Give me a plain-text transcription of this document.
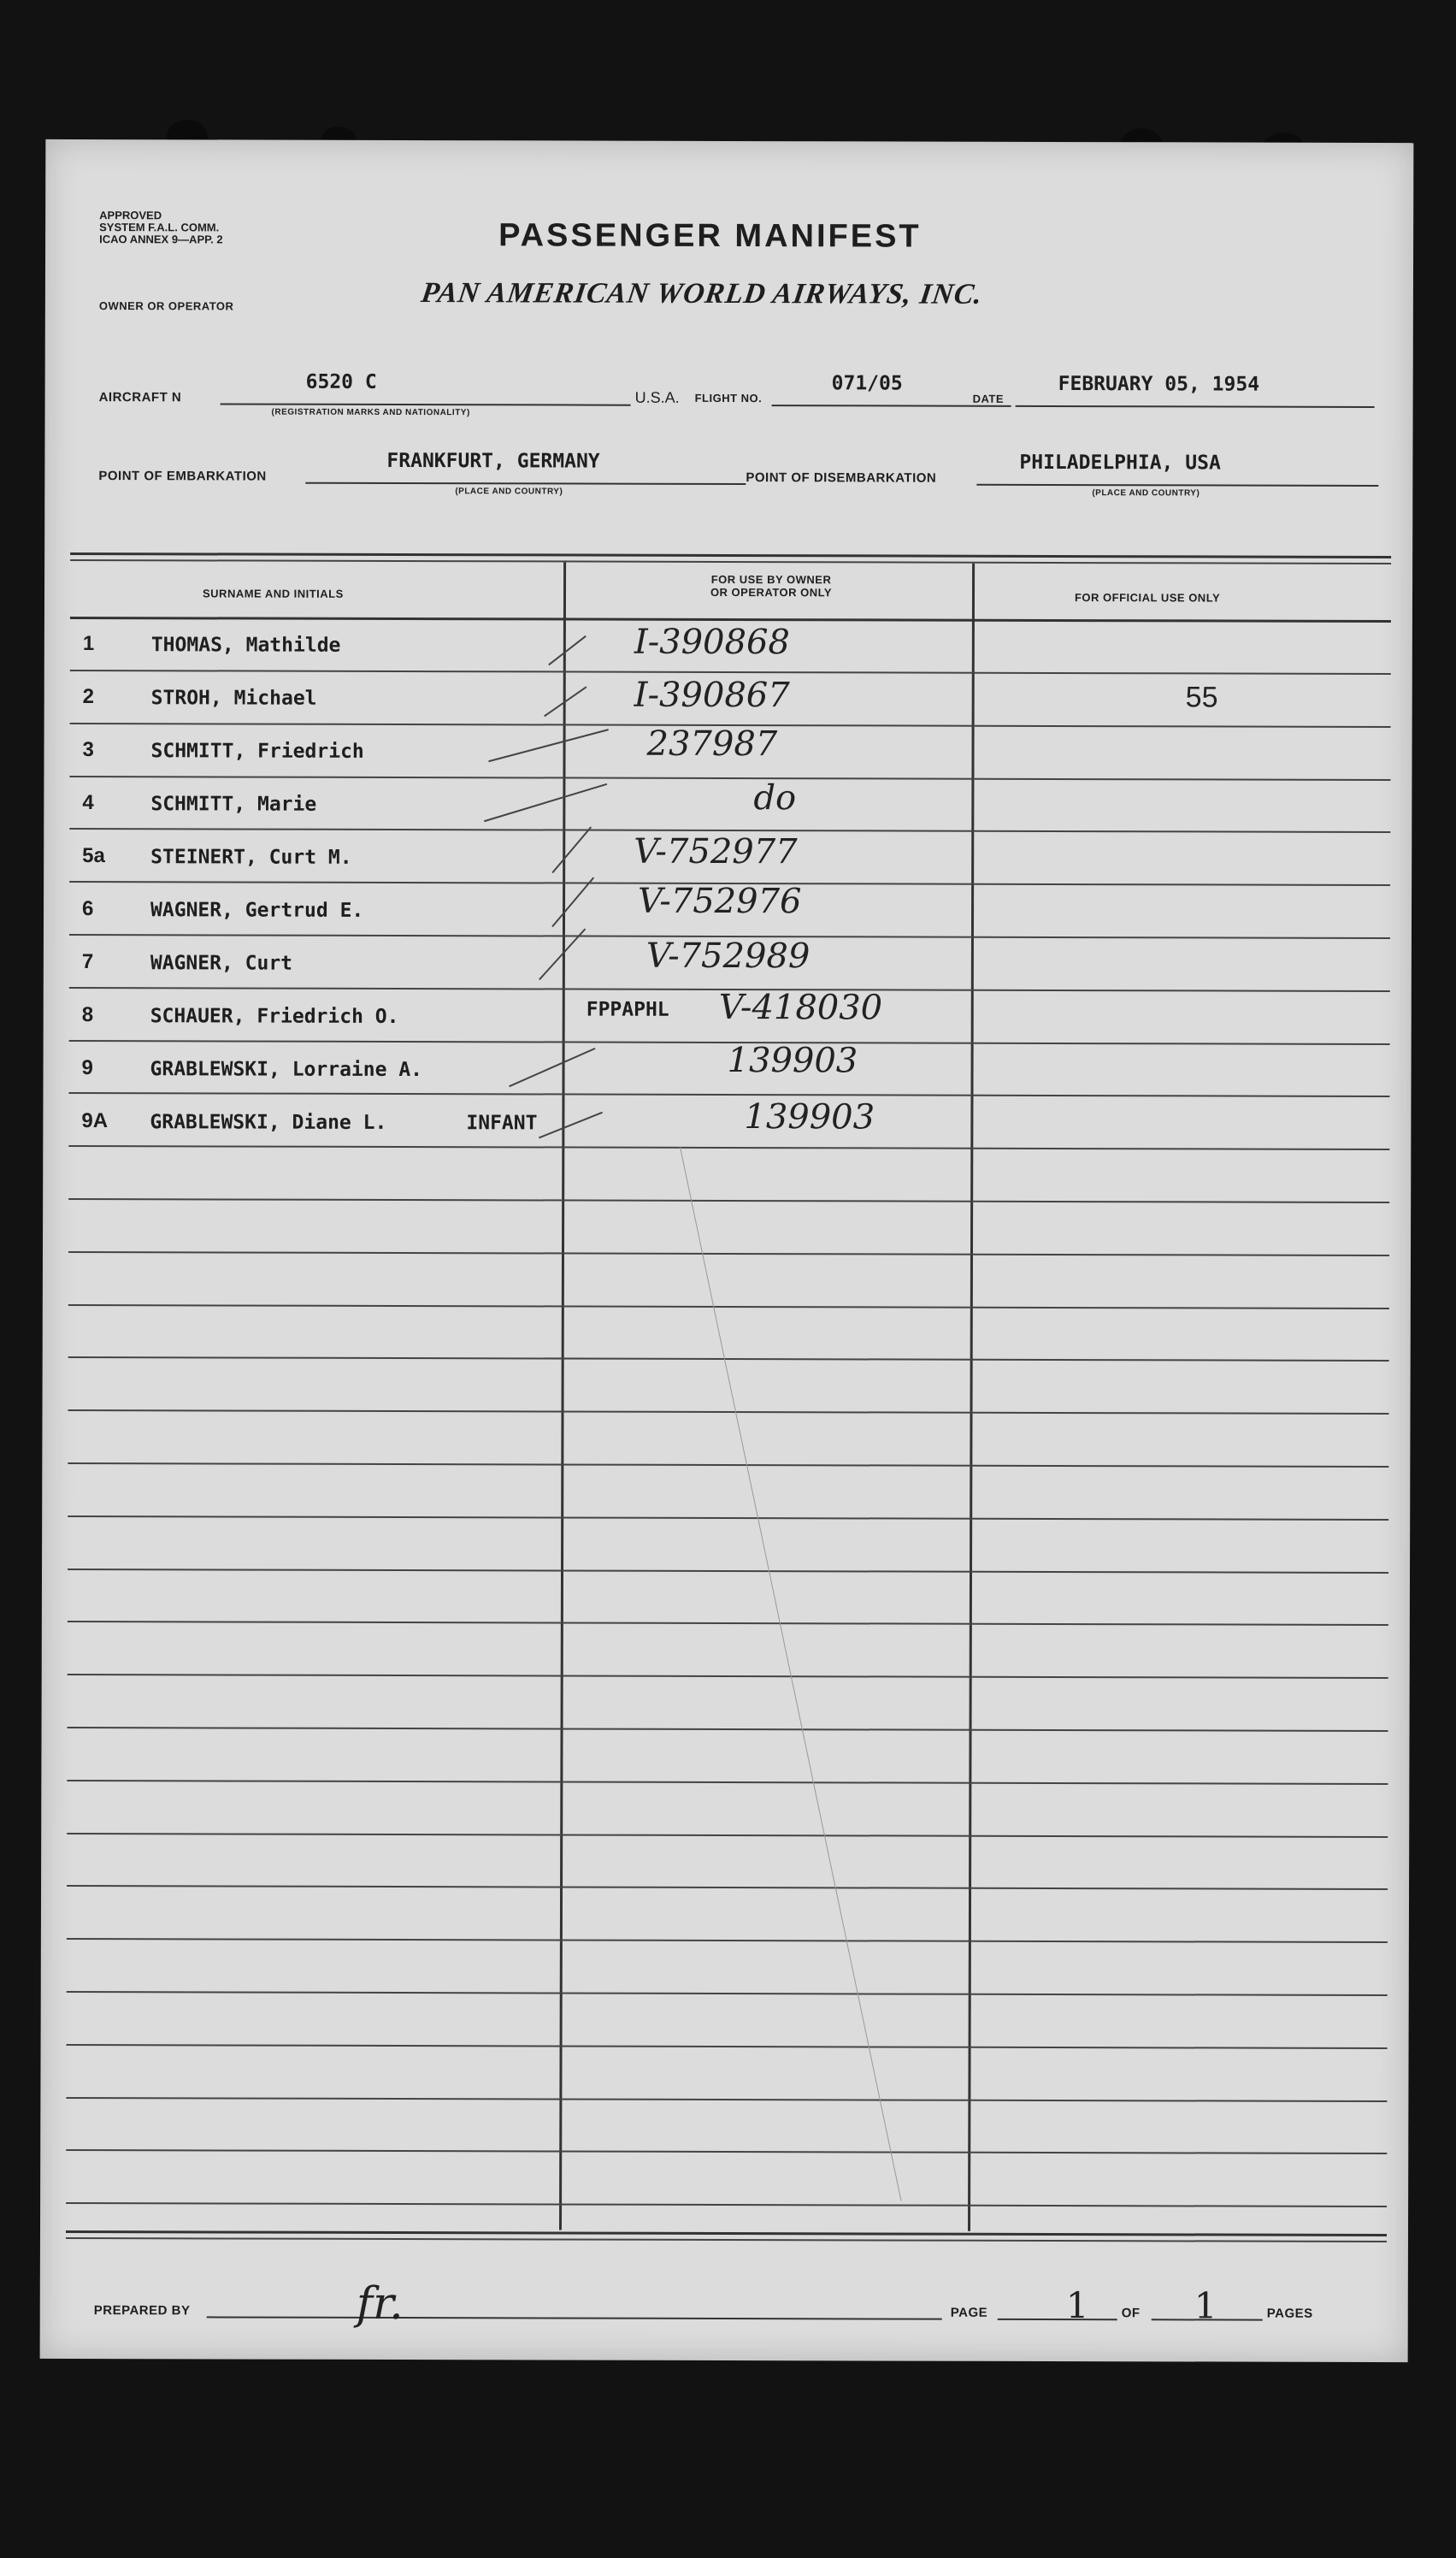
APPROVED
SYSTEM F.A.L. COMM.
ICAO ANNEX 9—APP. 2	PASSENGER MANIFEST
OWNER OR OPERATOR	PAN AMERICAN WORLD AIRWAYS, INC.
AIRCRAFT N
6520 C
(REGISTRATION MARKS AND NATIONALITY)
U.S.A. FLIGHT NO.
071/05
DATE
FEBRUARY 05, 1954
POINT OF EMBARKATION
FRANKFURT, GERMANY
(PLACE AND COUNTRY)
POINT OF DISEMBARKATION
PHILADELPHIA, USA
(PLACE AND COUNTRY)
SURNAME AND INITIALS
FOR USE BY OWNER
OR OPERATOR ONLY	FOR OFFICIAL USE ONLY
1	THOMAS, Mathilde	I-390868
2	STROH, Michael	I-390867	55
3	SCHMITT, Friedrich	237987
4	SCHMITT, Marie	do
5a STEINERT, Curt M.	V-752977
6	WAGNER, Gertrud E.	V-752976
7	WAGNER, Curt	V-752989
8	SCHAUER, Friedrich O.	FPPAPHL V-418030
9	GRABLEWSKI, Lorraine A.	139903
9A GRABLEWSKI, Diane L.	INFANT	139903
PREPARED BY	fr.	PAGE 1	OF 1	PAGES
